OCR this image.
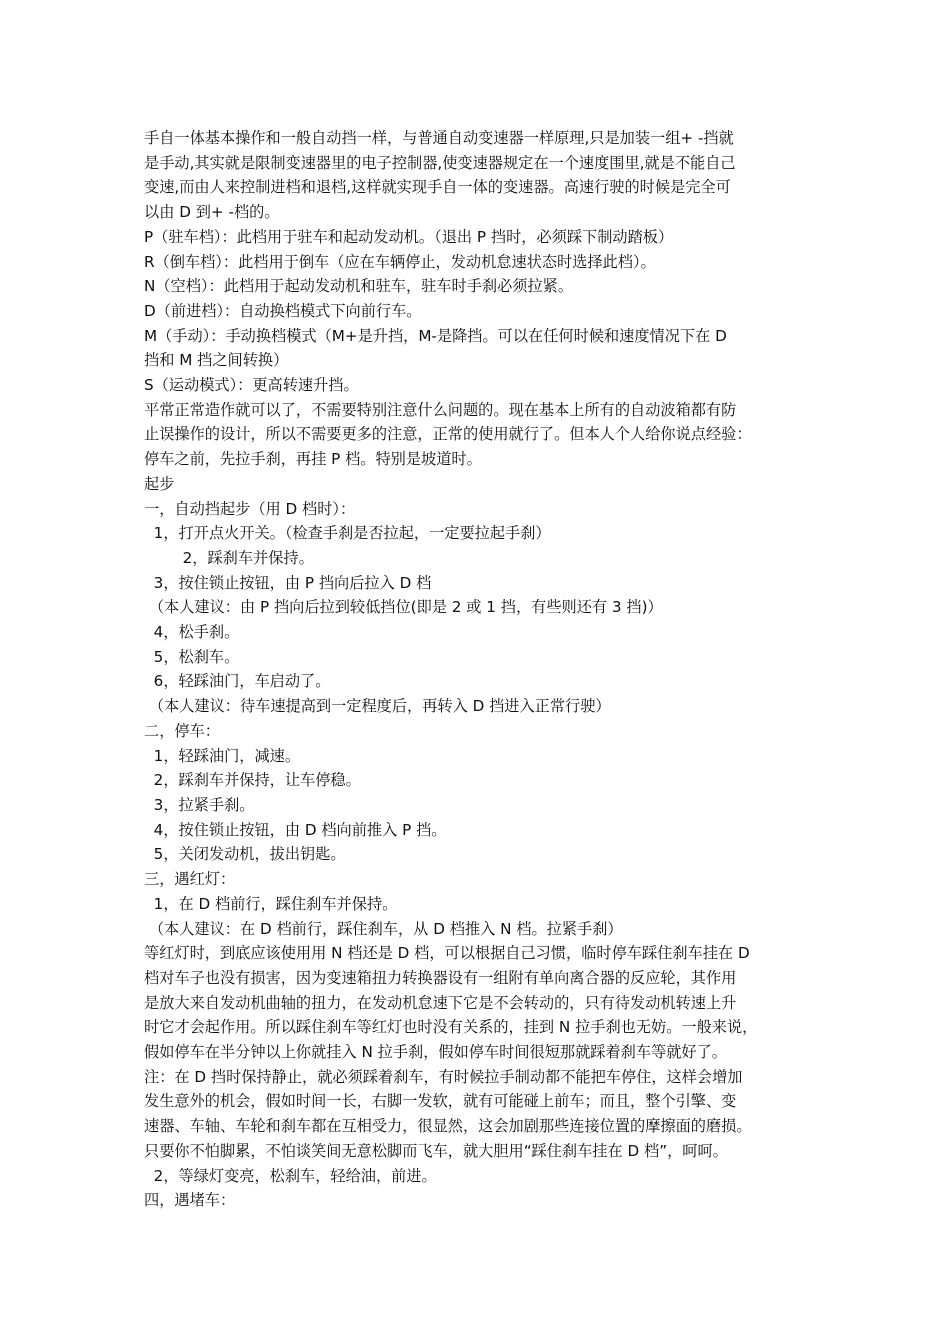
手自一体基本操作和一般自动挡一样，与普通自动变速器一样原理,只是加装一组+ -挡就
是手动,其实就是限制变速器里的电子控制器,使变速器规定在一个速度围里,就是不能自己
变速,而由人来控制进档和退档,这样就实现手自一体的变速器。高速行驶的时候是完全可
以由 D 到+ -档的。
P（驻车档）：此档用于驻车和起动发动机。（退出 P 挡时，必须踩下制动踏板）
R（倒车档）：此档用于倒车（应在车辆停止，发动机怠速状态时选择此档）。
N（空档）：此档用于起动发动机和驻车，驻车时手刹必须拉紧。
D（前进档）：自动换档模式下向前行车。
M（手动）：手动换档模式（M+是升挡，M-是降挡。可以在任何时候和速度情况下在 D
挡和 M 挡之间转换）
S（运动模式）：更高转速升挡。
平常正常造作就可以了，不需要特别注意什么问题的。现在基本上所有的自动波箱都有防
止误操作的设计，所以不需要更多的注意，正常的使用就行了。但本人个人给你说点经验：
停车之前，先拉手刹，再挂 P 档。特别是坡道时。
起步
一，自动挡起步（用 D 档时）：
1，打开点火开关。（检查手刹是否拉起，一定要拉起手刹）
2，踩刹车并保持。
3，按住锁止按钮，由 P 挡向后拉入 D 档
（本人建议：由 P 挡向后拉到较低挡位(即是 2 或 1 挡，有些则还有 3 挡)）
4，松手刹。
5，松刹车。
6，轻踩油门，车启动了。
（本人建议：待车速提高到一定程度后，再转入 D 挡进入正常行驶）
二，停车：
1，轻踩油门，减速。
2，踩刹车并保持，让车停稳。
3，拉紧手刹。
4，按住锁止按钮，由 D 档向前推入 P 挡。
5，关闭发动机，拔出钥匙。
三，遇红灯：
1，在 D 档前行，踩住刹车并保持。
（本人建议：在 D 档前行，踩住刹车，从 D 档推入 N 档。拉紧手刹）
等红灯时，到底应该使用用 N 档还是 D 档，可以根据自己习惯，临时停车踩住刹车挂在 D
档对车子也没有损害，因为变速箱扭力转换器设有一组附有单向离合器的反应轮，其作用
是放大来自发动机曲轴的扭力，在发动机怠速下它是不会转动的，只有待发动机转速上升
时它才会起作用。所以踩住刹车等红灯也时没有关系的，挂到 N 拉手刹也无妨。一般来说，
假如停车在半分钟以上你就挂入 N 拉手刹，假如停车时间很短那就踩着刹车等就好了。
注：在 D 挡时保持静止，就必须踩着刹车，有时候拉手制动都不能把车停住，这样会增加
发生意外的机会，假如时间一长，右脚一发软，就有可能碰上前车；而且，整个引擎、变
速器、车轴、车轮和刹车都在互相受力，很显然，这会加剧那些连接位置的摩擦面的磨损。
只要你不怕脚累，不怕谈笑间无意松脚而飞车，就大胆用“踩住刹车挂在 D 档”，呵呵。
2，等绿灯变亮，松刹车，轻给油，前进。
四，遇堵车：
